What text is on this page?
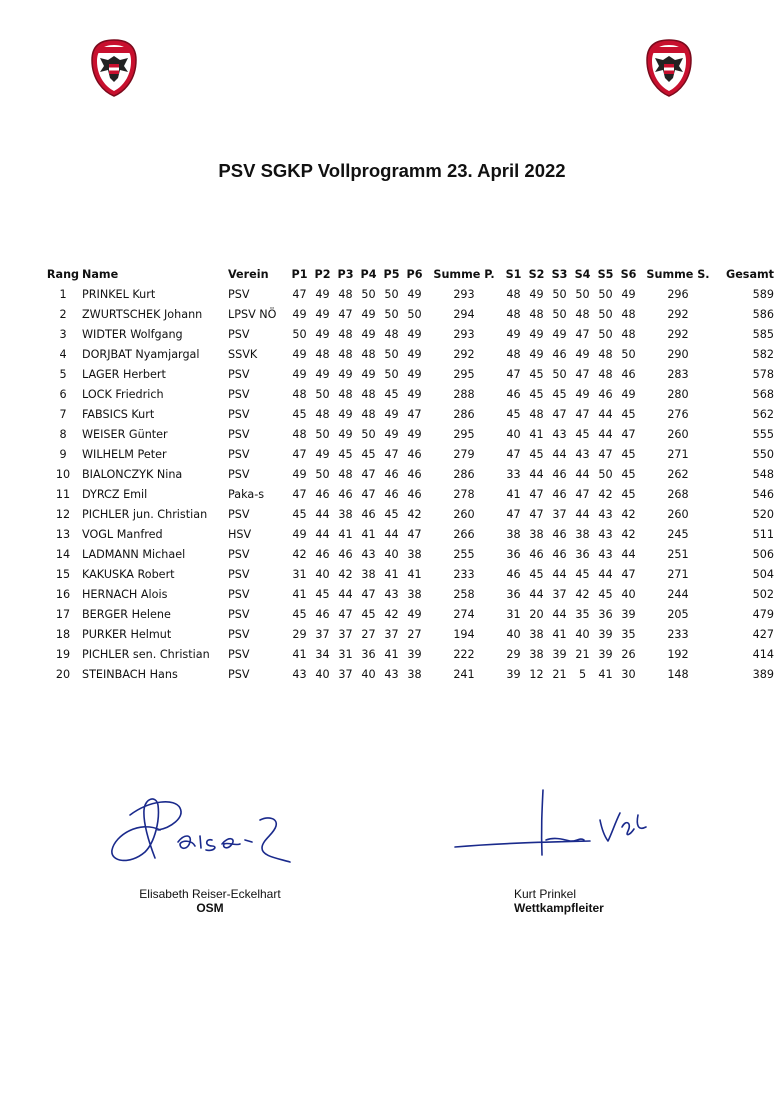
PSV SGKP Vollprogramm 23. April 2022
Rang	Name	Verein	P1	P2	P3	P4	P5	P6	Summe P.	S1	S2	S3	S4	S5	S6	Summe S.	Gesamt
1	PRINKEL Kurt	PSV	47	49	48	50	50	49	293	48	49	50	50	50	49	296	589
2	ZWURTSCHEK Johann	LPSV NÖ	49	49	47	49	50	50	294	48	48	50	48	50	48	292	586
3	WIDTER Wolfgang	PSV	50	49	48	49	48	49	293	49	49	49	47	50	48	292	585
4	DORJBAT Nyamjargal	SSVK	49	48	48	48	50	49	292	48	49	46	49	48	50	290	582
5	LAGER Herbert	PSV	49	49	49	49	50	49	295	47	45	50	47	48	46	283	578
6	LOCK Friedrich	PSV	48	50	48	48	45	49	288	46	45	45	49	46	49	280	568
7	FABSICS Kurt	PSV	45	48	49	48	49	47	286	45	48	47	47	44	45	276	562
8	WEISER Günter	PSV	48	50	49	50	49	49	295	40	41	43	45	44	47	260	555
9	WILHELM Peter	PSV	47	49	45	45	47	46	279	47	45	44	43	47	45	271	550
10	BIALONCZYK Nina	PSV	49	50	48	47	46	46	286	33	44	46	44	50	45	262	548
11	DYRCZ Emil	Paka-s	47	46	46	47	46	46	278	41	47	46	47	42	45	268	546
12	PICHLER jun. Christian	PSV	45	44	38	46	45	42	260	47	47	37	44	43	42	260	520
13	VOGL Manfred	HSV	49	44	41	41	44	47	266	38	38	46	38	43	42	245	511
14	LADMANN Michael	PSV	42	46	46	43	40	38	255	36	46	46	36	43	44	251	506
15	KAKUSKA Robert	PSV	31	40	42	38	41	41	233	46	45	44	45	44	47	271	504
16	HERNACH Alois	PSV	41	45	44	47	43	38	258	36	44	37	42	45	40	244	502
17	BERGER Helene	PSV	45	46	47	45	42	49	274	31	20	44	35	36	39	205	479
18	PURKER Helmut	PSV	29	37	37	27	37	27	194	40	38	41	40	39	35	233	427
19	PICHLER sen. Christian	PSV	41	34	31	36	41	39	222	29	38	39	21	39	26	192	414
20	STEINBACH Hans	PSV	43	40	37	40	43	38	241	39	12	21	5	41	30	148	389
Elisabeth Reiser-Eckelhart
OSM
Kurt Prinkel
Wettkampfleiter
